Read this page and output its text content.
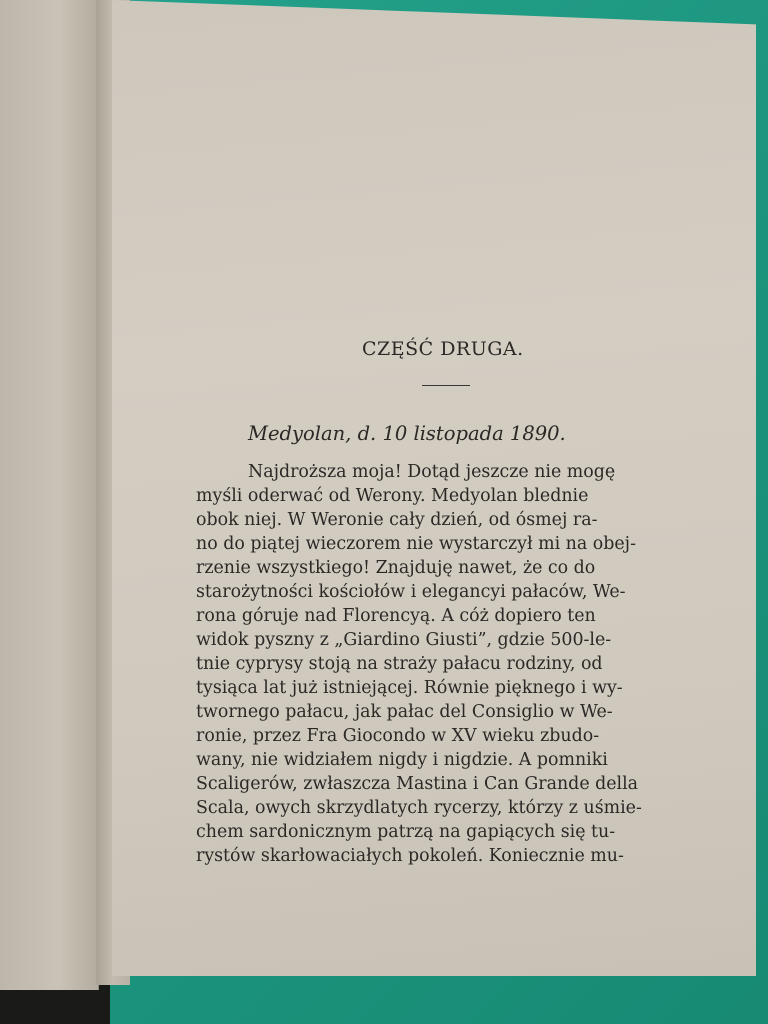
CZĘŚĆ DRUGA.
Medyolan, d. 10 listopada 1890.
Najdroższa moja! Dotąd jeszcze nie mogę
myśli oderwać od Werony. Medyolan blednie
obok niej. W Weronie cały dzień, od ósmej ra-
no do piątej wieczorem nie wystarczył mi na obej-
rzenie wszystkiego! Znajduję nawet, że co do
starożytności kościołów i elegancyi pałaców, We-
rona góruje nad Florencyą. A cóż dopiero ten
widok pyszny z „Giardino Giusti”, gdzie 500-le-
tnie cyprysy stoją na straży pałacu rodziny, od
tysiąca lat już istniejącej. Równie pięknego i wy-
twornego pałacu, jak pałac del Consiglio w We-
ronie, przez Fra Giocondo w XV wieku zbudo-
wany, nie widziałem nigdy i nigdzie. A pomniki
Scaligerów, zwłaszcza Mastina i Can Grande della
Scala, owych skrzydlatych rycerzy, którzy z uśmie-
chem sardonicznym patrzą na gapiących się tu-
rystów skarłowaciałych pokoleń. Koniecznie mu-
